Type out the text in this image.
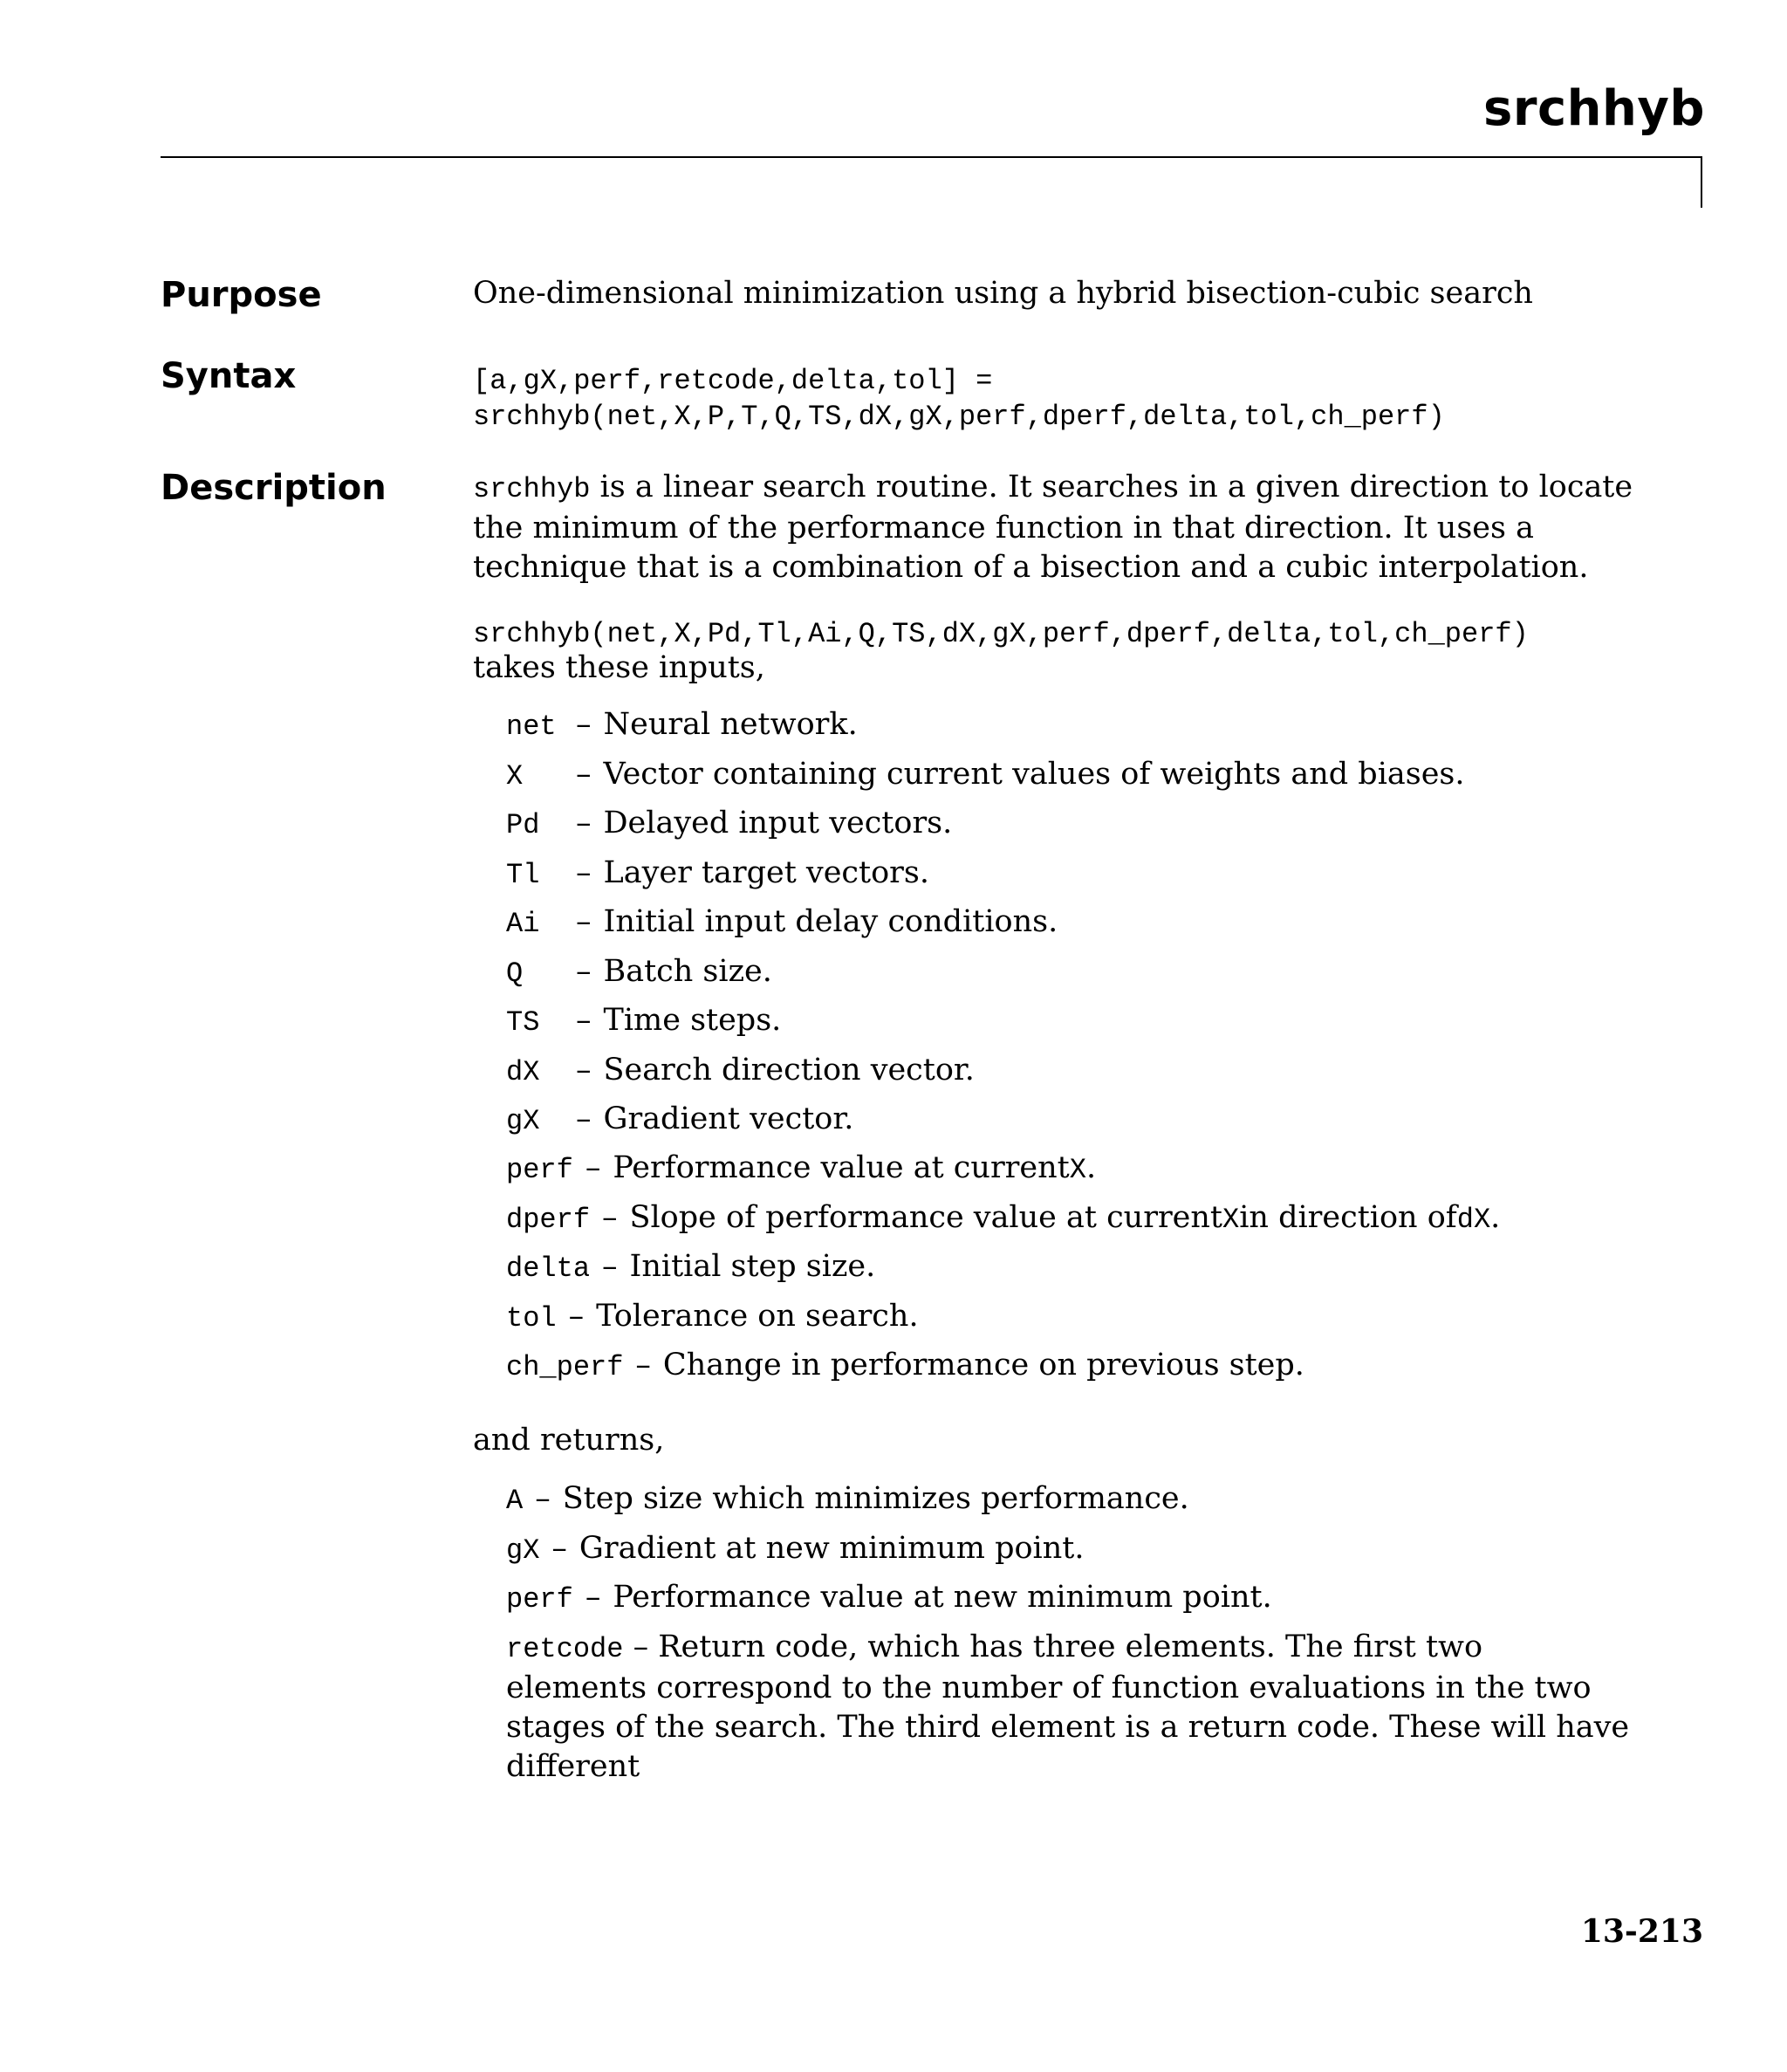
srchhyb
Purpose	One-dimensional minimization using a hybrid bisection-cubic search

Syntax	[a,gX,perf,retcode,delta,tol] =
srchhyb(net,X,P,T,Q,TS,dX,gX,perf,dperf,delta,tol,ch_perf)
Description	srchhyb is a linear search routine. It searches in a given direction to locate the minimum of the performance function in that direction. It uses a technique that is a combination of a bisection and a cubic interpolation.

srchhyb(net,X,Pd,Tl,Ai,Q,TS,dX,gX,perf,dperf,delta,tol,ch_perf)
takes these inputs,
net – Neural network.
X	– Vector containing current values of weights and biases.
Pd	– Delayed input vectors.
Tl	– Layer target vectors.
Ai	– Initial input delay conditions.
Q	– Batch size.
TS	– Time steps.
dX	– Search direction vector.
gX	– Gradient vector.
perf – Performance value at current X .
dperf – Slope of performance value at current X in direction of dX .
delta – Initial step size.
tol – Tolerance on search.
ch_perf – Change in performance on previous step.
and returns,
A – Step size which minimizes performance.
gX – Gradient at new minimum point.
perf – Performance value at new minimum point.

retcode – Return code, which has three elements. The first two elements correspond to the number of function evaluations in the two stages of the search. The third element is a return code. These will have different

13-213
